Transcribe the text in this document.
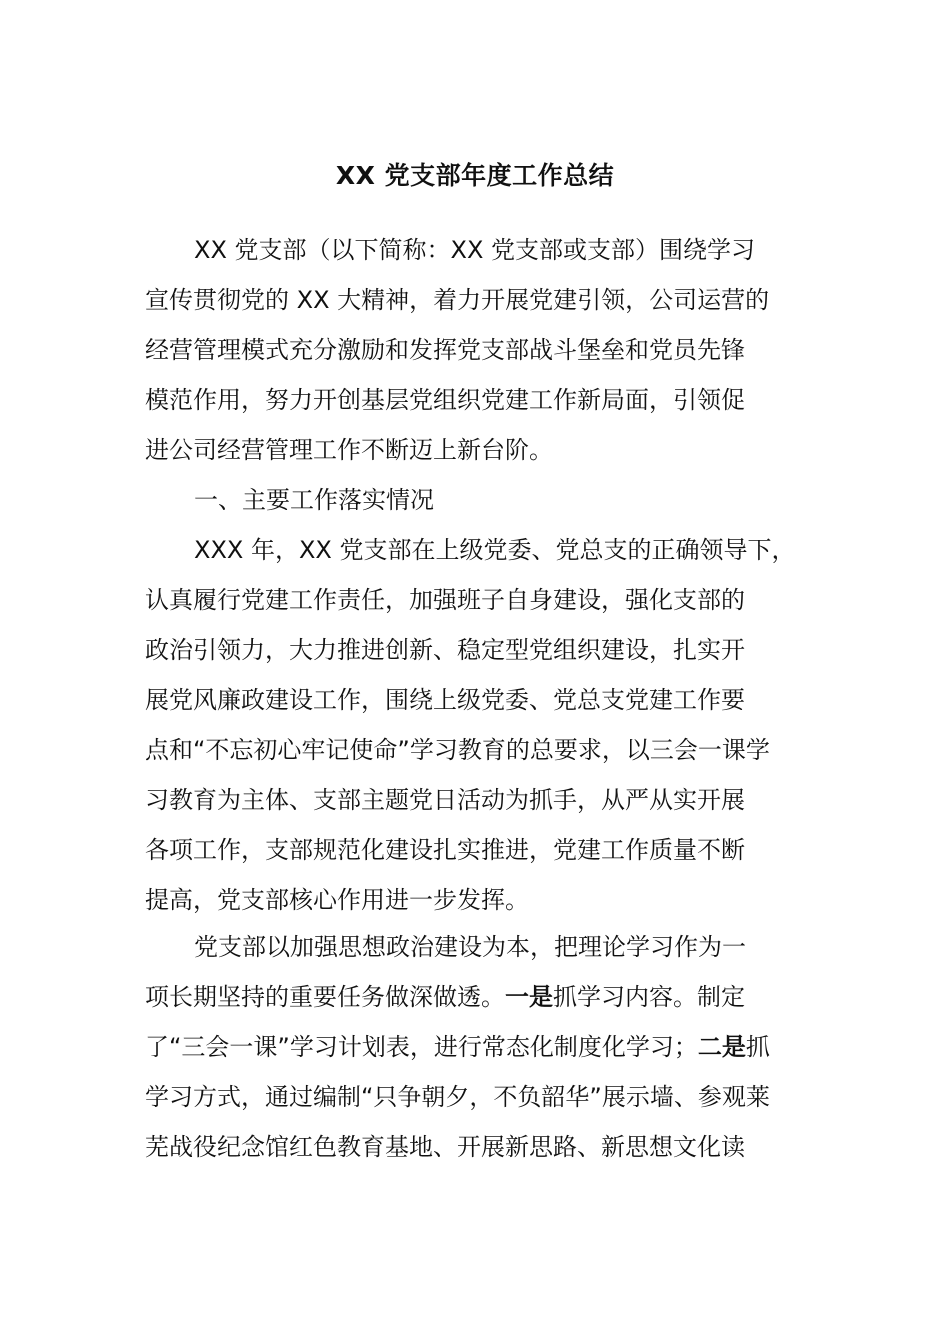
XX 党支部年度工作总结

XX 党支部（以下简称：XX 党支部或支部）围绕学习

宣传贯彻党的 XX 大精神，着力开展党建引领，公司运营的

经营管理模式充分激励和发挥党支部战斗堡垒和党员先锋

模范作用，努力开创基层党组织党建工作新局面，引领促

进公司经营管理工作不断迈上新台阶。

一、主要工作落实情况

XXX 年，XX 党支部在上级党委、党总支的正确领导下，

认真履行党建工作责任，加强班子自身建设，强化支部的

政治引领力，大力推进创新、稳定型党组织建设，扎实开

展党风廉政建设工作，围绕上级党委、党总支党建工作要

点和“不忘初心牢记使命”学习教育的总要求，以三会一课学

习教育为主体、支部主题党日活动为抓手，从严从实开展

各项工作，支部规范化建设扎实推进，党建工作质量不断

提高，党支部核心作用进一步发挥。

党支部以加强思想政治建设为本，把理论学习作为一

项长期坚持的重要任务做深做透。一是抓学习内容。制定

了“三会一课”学习计划表，进行常态化制度化学习；二是抓

学习方式，通过编制“只争朝夕，不负韶华”展示墙、参观莱

芜战役纪念馆红色教育基地、开展新思路、新思想文化读
